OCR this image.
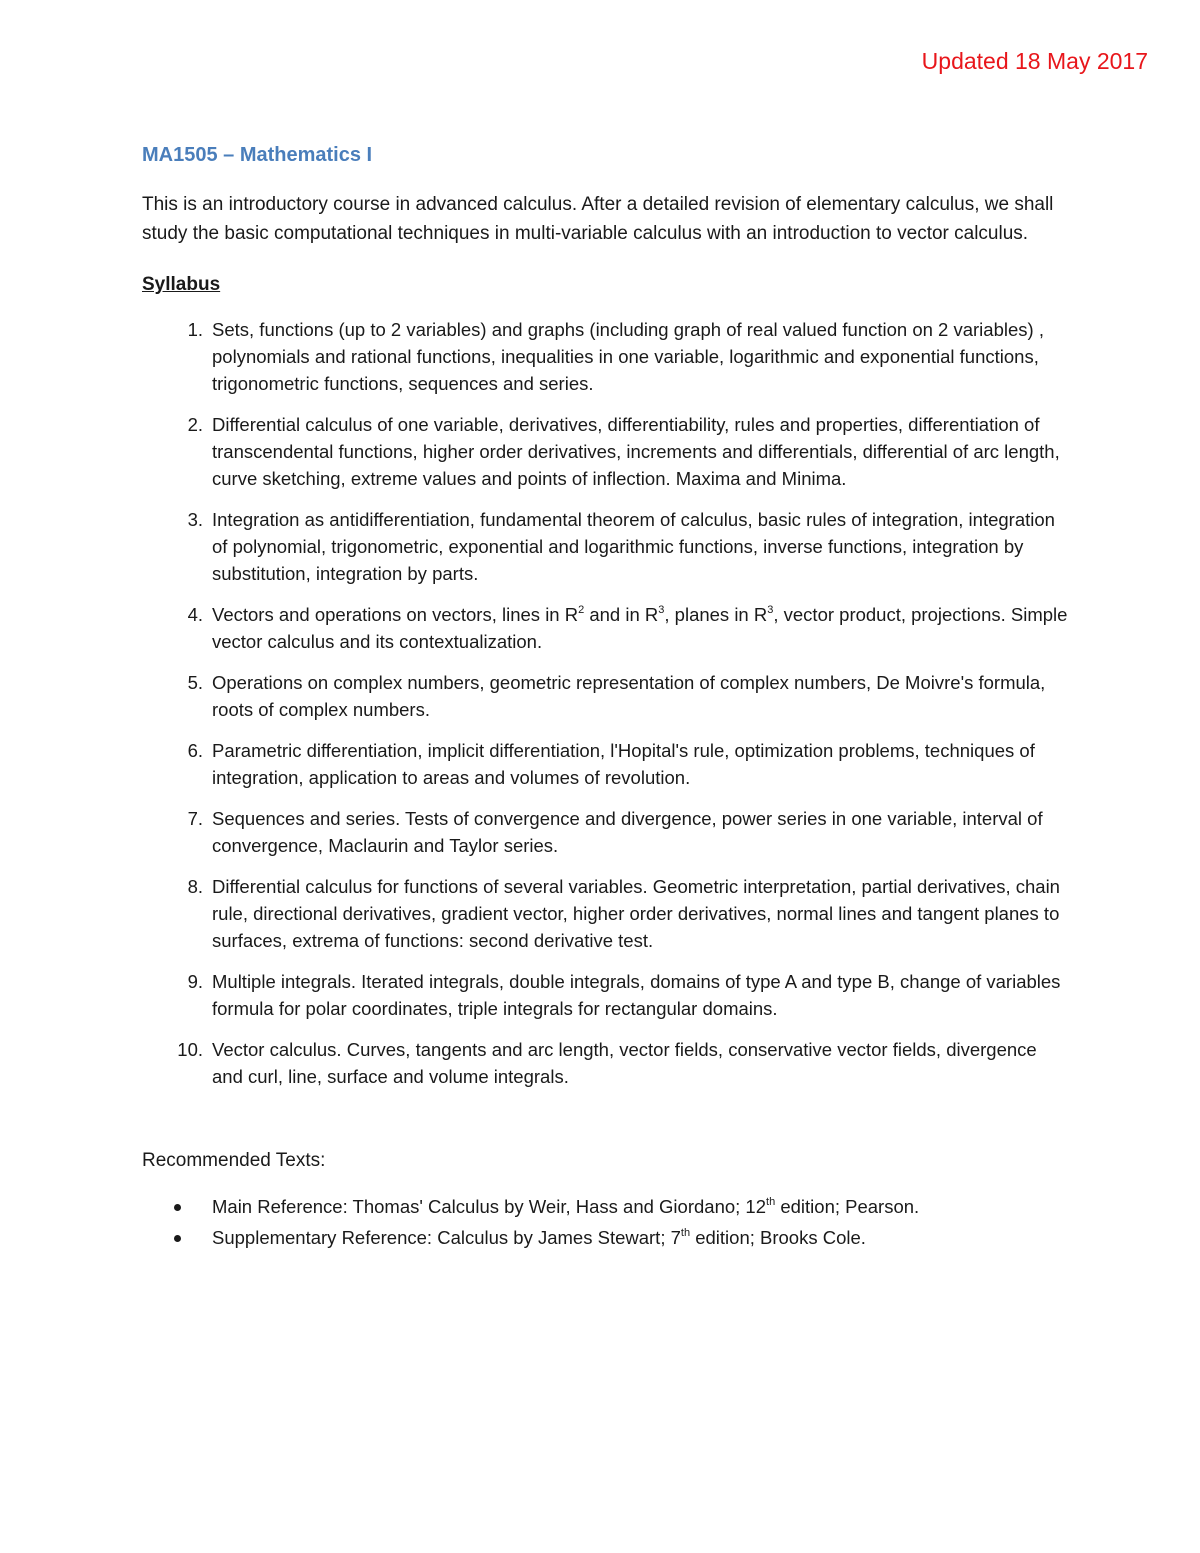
Updated 18 May 2017
MA1505 – Mathematics I

This is an introductory course in advanced calculus. After a detailed revision of elementary calculus, we shall study the basic computational techniques in multi-variable calculus with an introduction to vector calculus.

Syllabus
1. Sets, functions (up to 2 variables) and graphs (including graph of real valued function on 2 variables) , polynomials and rational functions, inequalities in one variable, logarithmic and exponential functions, trigonometric functions, sequences and series.
2. Differential calculus of one variable, derivatives, differentiability, rules and properties, differentiation of transcendental functions, higher order derivatives, increments and differentials, differential of arc length, curve sketching, extreme values and points of inflection. Maxima and Minima.
3. Integration as antidifferentiation, fundamental theorem of calculus, basic rules of integration, integration of polynomial, trigonometric, exponential and logarithmic functions, inverse functions, integration by substitution, integration by parts.
4. Vectors and operations on vectors, lines in $R^2$ and in $R^3$, planes in $R^3$, vector product, projections. Simple vector calculus and its contextualization.
5. Operations on complex numbers, geometric representation of complex numbers, De Moivre's formula, roots of complex numbers.
6. Parametric differentiation, implicit differentiation, l'Hopital's rule, optimization problems, techniques of integration, application to areas and volumes of revolution.
7. Sequences and series. Tests of convergence and divergence, power series in one variable, interval of convergence, Maclaurin and Taylor series.
8. Differential calculus for functions of several variables. Geometric interpretation, partial derivatives, chain rule, directional derivatives, gradient vector, higher order derivatives, normal lines and tangent planes to surfaces, extrema of functions: second derivative test.
9. Multiple integrals. Iterated integrals, double integrals, domains of type A and type B, change of variables formula for polar coordinates, triple integrals for rectangular domains.
10. Vector calculus. Curves, tangents and arc length, vector fields, conservative vector fields, divergence and curl, line, surface and volume integrals.
Recommended Texts:
Main Reference: Thomas' Calculus by Weir, Hass and Giordano; 12th edition; Pearson.
Supplementary Reference: Calculus by James Stewart; 7th edition; Brooks Cole.
